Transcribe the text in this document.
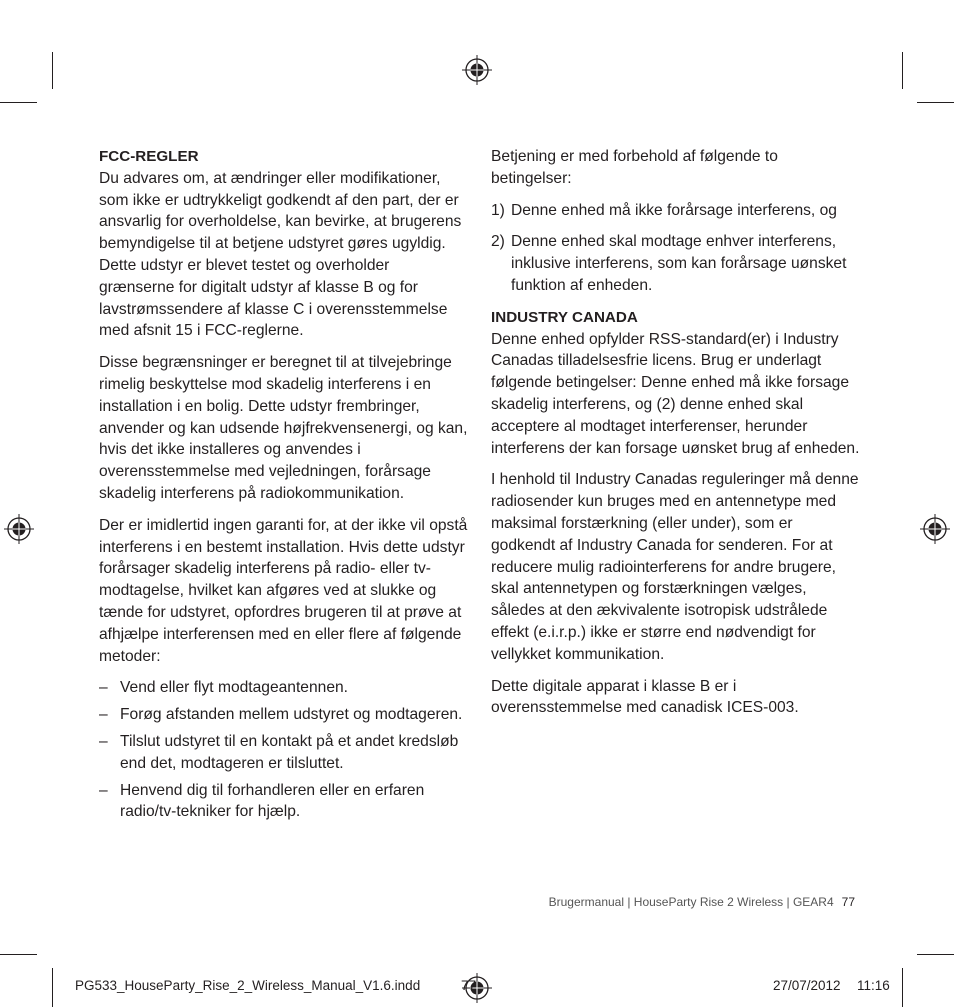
FCC-REGLER
Du advares om, at ændringer eller modifikationer, som ikke er udtrykkeligt godkendt af den part, der er ansvarlig for overholdelse, kan bevirke, at brugerens bemyndigelse til at betjene udstyret gøres ugyldig. Dette udstyr er blevet testet og overholder grænserne for digitalt udstyr af klasse B og for lavstrømssendere af klasse C i overensstemmelse med afsnit 15 i FCC-reglerne.

Disse begrænsninger er beregnet til at tilvejebringe rimelig beskyttelse mod skadelig interferens i en installation i en bolig. Dette udstyr frembringer, anvender og kan udsende højfrekvensenergi, og kan, hvis det ikke installeres og anvendes i overensstemmelse med vejledningen, forårsage skadelig interferens på radiokommunikation.

Der er imidlertid ingen garanti for, at der ikke vil opstå interferens i en bestemt installation. Hvis dette udstyr forårsager skadelig interferens på radio- eller tv-modtagelse, hvilket kan afgøres ved at slukke og tænde for udstyret, opfordres brugeren til at prøve at afhjælpe interferensen med en eller flere af følgende metoder:

– Vend eller flyt modtageantennen.
– Forøg afstanden mellem udstyret og modtageren.
– Tilslut udstyret til en kontakt på et andet kredsløb end det, modtageren er tilsluttet.
– Henvend dig til forhandleren eller en erfaren radio/tv-tekniker for hjælp.

Betjening er med forbehold af følgende to betingelser:

1) Denne enhed må ikke forårsage interferens, og
2) Denne enhed skal modtage enhver interferens, inklusive interferens, som kan forårsage uønsket funktion af enheden.

INDUSTRY CANADA
Denne enhed opfylder RSS-standard(er) i Industry Canadas tilladelsesfrie licens. Brug er underlagt følgende betingelser: Denne enhed må ikke forsage skadelig interferens, og (2) denne enhed skal acceptere al modtaget interferenser, herunder interferens der kan forsage uønsket brug af enheden.

I henhold til Industry Canadas reguleringer må denne radiosender kun bruges med en antennetype med maksimal forstærkning (eller under), som er godkendt af Industry Canada for senderen. For at reducere mulig radiointerferens for andre brugere, skal antennetypen og forstærkningen vælges, således at den ækvivalente isotropisk udstrålede effekt (e.i.r.p.) ikke er større end nødvendigt for vellykket kommunikation.

Dette digitale apparat i klasse B er i overensstemmelse med canadisk ICES-003.

Brugermanual | HouseParty Rise 2 Wireless | GEAR4 77
PG533_HouseParty_Rise_2_Wireless_Manual_V1.6.indd	77	27/07/2012 11:16
